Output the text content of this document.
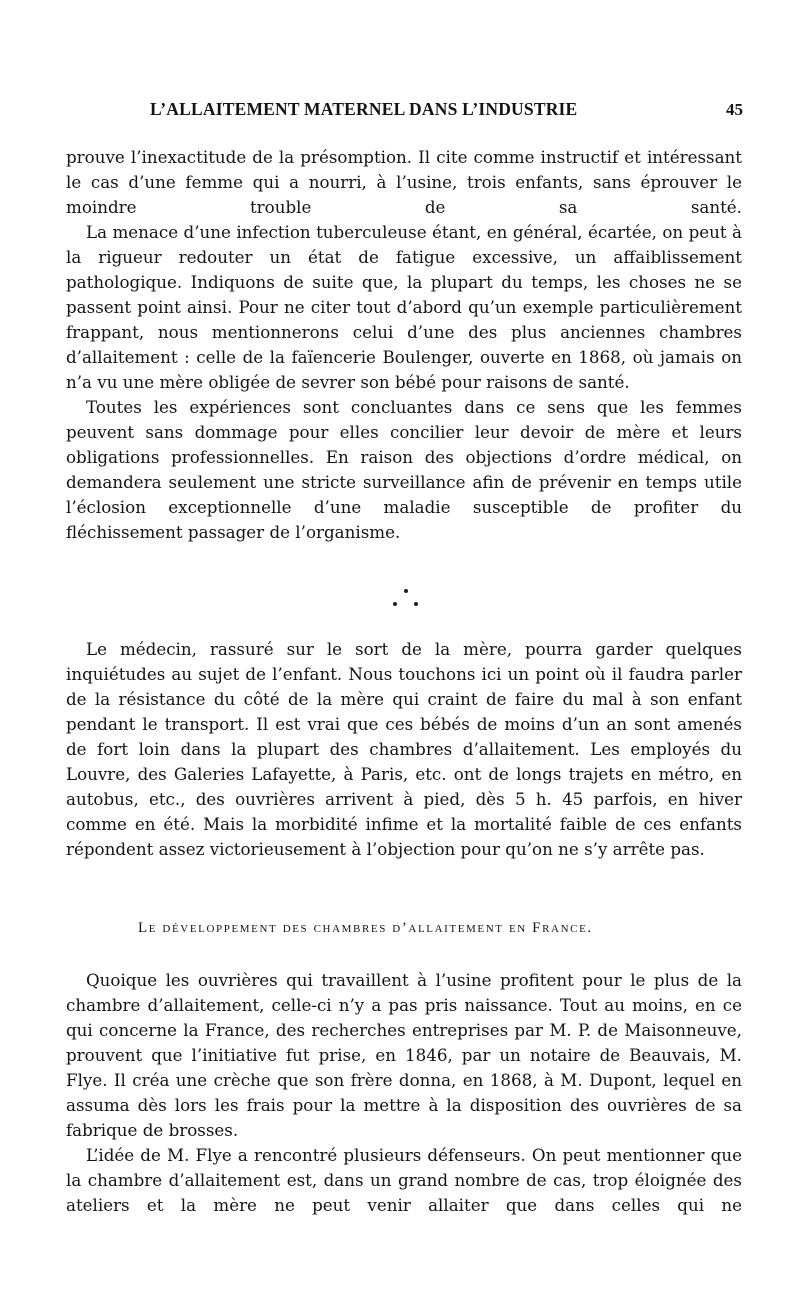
L’ALLAITEMENT MATERNEL DANS L’INDUSTRIE	45

prouve l’inexactitude de la présomption. Il cite comme instructif et intéressant le cas d’une femme qui a nourri, à l’usine, trois enfants, sans éprouver le moindre trouble de sa santé.

La menace d’une infection tuberculeuse étant, en général, écartée, on peut à la rigueur redouter un état de fatigue excessive, un affaiblissement pathologique. Indiquons de suite que, la plupart du temps, les choses ne se passent point ainsi. Pour ne citer tout d’abord qu’un exemple particulièrement frappant, nous mentionnerons celui d’une des plus anciennes chambres d’allaitement : celle de la faïencerie Boulenger, ouverte en 1868, où jamais on n’a vu une mère obligée de sevrer son bébé pour raisons de santé.

Toutes les expériences sont concluantes dans ce sens que les femmes peuvent sans dommage pour elles concilier leur devoir de mère et leurs obligations professionnelles. En raison des objections d’ordre médical, on demandera seulement une stricte surveillance afin de prévenir en temps utile l’éclosion exceptionnelle d’une maladie susceptible de profiter du fléchissement passager de l’organisme.

Le médecin, rassuré sur le sort de la mère, pourra garder quelques inquiétudes au sujet de l’enfant. Nous touchons ici un point où il faudra parler de la résistance du côté de la mère qui craint de faire du mal à son enfant pendant le transport. Il est vrai que ces bébés de moins d’un an sont amenés de fort loin dans la plupart des chambres d’allaitement. Les employés du Louvre, des Galeries Lafayette, à Paris, etc. ont de longs trajets en métro, en autobus, etc., des ouvrières arrivent à pied, dès 5 h. 45 parfois, en hiver comme en été. Mais la morbidité infime et la mortalité faible de ces enfants répondent assez victorieusement à l’objection pour qu’on ne s’y arrête pas.

Le développement des chambres d’allaitement en France.

Quoique les ouvrières qui travaillent à l’usine profitent pour le plus de la chambre d’allaitement, celle-ci n’y a pas pris naissance. Tout au moins, en ce qui concerne la France, des recherches entreprises par M. P. de Maisonneuve, prouvent que l’initiative fut prise, en 1846, par un notaire de Beauvais, M. Flye. Il créa une crèche que son frère donna, en 1868, à M. Dupont, lequel en assuma dès lors les frais pour la mettre à la disposition des ouvrières de sa fabrique de brosses.

L’idée de M. Flye a rencontré plusieurs défenseurs. On peut mentionner que la chambre d’allaitement est, dans un grand nombre de cas, trop éloignée des ateliers et la mère ne peut venir allaiter que dans celles qui ne
